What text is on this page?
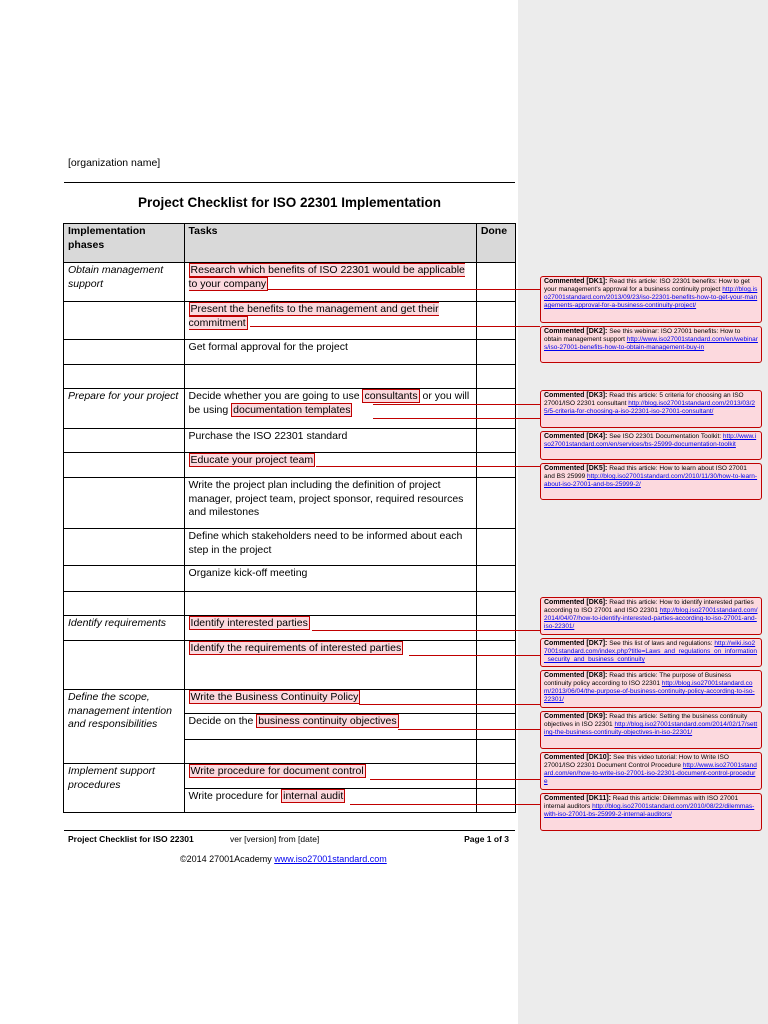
[organization name]
Project Checklist for ISO 22301 Implementation
Implementation phases	Tasks	Done
Obtain management support	Research which benefits of ISO 22301 would be applicable to your company	
	Present the benefits to the management and get their commitment	
	Get formal approval for the project	

Prepare for your project	Decide whether you are going to use consultants or you will be using documentation templates	
	Purchase the ISO 22301 standard	
	Educate your project team	
	Write the project plan including the definition of project manager, project team, project sponsor, required resources and milestones	
	Define which stakeholders need to be informed about each step in the project	
	Organize kick-off meeting	

Identify requirements	Identify interested parties	
	Identify the requirements of interested parties	
Define the scope, management intention and responsibilities	Write the Business Continuity Policy	
	Decide on the business continuity objectives	

Implement support procedures	Write procedure for document control	
	Write procedure for internal audit	
Project Checklist for ISO 22301	ver [version] from [date]	Page 1 of 3
©2014 27001Academy www.iso27001standard.com
Commented [DK1]: Read this article: ISO 22301 benefits: How to get your management's approval for a business continuity project http://blog.iso27001standard.com/2013/09/23/iso-22301-benefits-how-to-get-your-managements-approval-for-a-business-continuity-project/
Commented [DK2]: See this webinar: ISO 27001 benefits: How to obtain management support http://www.iso27001standard.com/en/webinars/iso-27001-benefits-how-to-obtain-management-buy-in
Commented [DK3]: Read this article: 5 criteria for choosing an ISO 27001/ISO 22301 consultant http://blog.iso27001standard.com/2013/03/25/5-criteria-for-choosing-a-iso-22301-iso-27001-consultant/
Commented [DK4]: See ISO 22301 Documentation Toolkit: http://www.iso27001standard.com/en/services/bs-25999-documentation-toolkit
Commented [DK5]: Read this article: How to learn about ISO 27001 and BS 25999 http://blog.iso27001standard.com/2010/11/30/how-to-learn-about-iso-27001-and-bs-25999-2/
Commented [DK6]: Read this article: How to identify interested parties according to ISO 27001 and ISO 22301 http://blog.iso27001standard.com/2014/04/07/how-to-identify-interested-parties-according-to-iso-27001-and-iso-22301/
Commented [DK7]: See this list of laws and regulations: http://wiki.iso27001standard.com/index.php?title=Laws_and_regulations_on_information_security_and_business_continuity
Commented [DK8]: Read this article: The purpose of Business continuity policy according to ISO 22301 http://blog.iso27001standard.com/2013/06/04/the-purpose-of-business-continuity-policy-according-to-iso-22301/
Commented [DK9]: Read this article: Setting the business continuity objectives in ISO 22301 http://blog.iso27001standard.com/2014/02/17/setting-the-business-continuity-objectives-in-iso-22301/
Commented [DK10]: See this video tutorial: How to Write ISO 27001/ISO 22301 Document Control Procedure http://www.iso27001standard.com/en/how-to-write-iso-27001-iso-22301-document-control-procedure
Commented [DK11]: Read this article: Dilemmas with ISO 27001 internal auditors http://blog.iso27001standard.com/2010/08/22/dilemmas-with-iso-27001-bs-25999-2-internal-auditors/
